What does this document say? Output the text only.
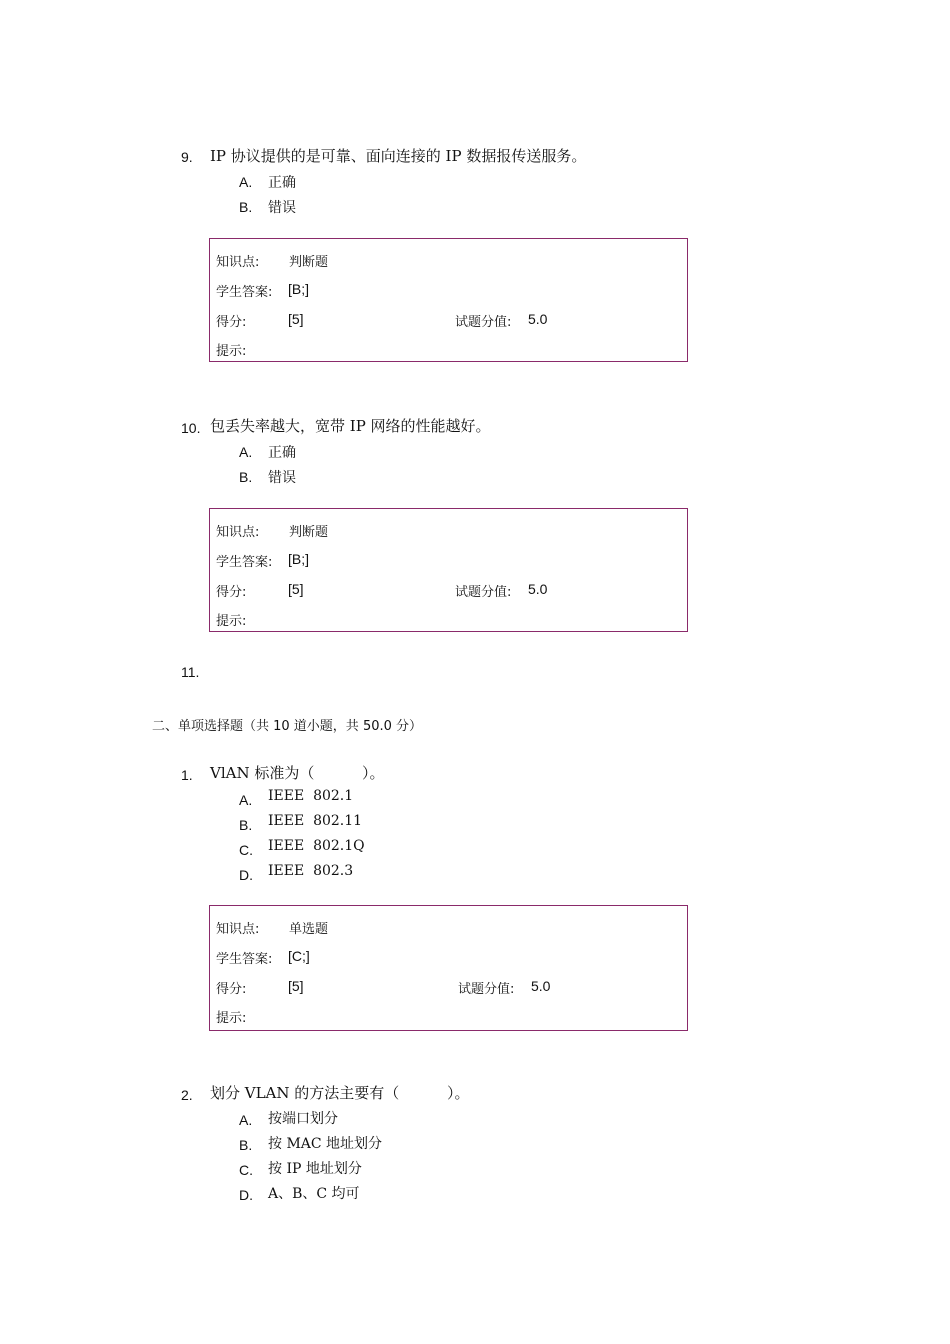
9. IP 协议提供的是可靠、面向连接的 IP 数据报传送服务。
A. 正确
B. 错误
知识点: 判断题
学生答案: [B;]
得分:	[5]	试题分值: 5.0
提示:
10. 包丢失率越大，宽带 IP 网络的性能越好。
A. 正确
B. 错误
知识点: 判断题
学生答案: [B;]
得分:	[5]	试题分值: 5.0
提示:
11.
二、单项选择题（共 10 道小题，共 50.0 分）
1. VlAN 标准为（          ）。
A. IEEE  802.1
B. IEEE  802.11
C. IEEE  802.1Q
D. IEEE  802.3
知识点: 单选题
学生答案: [C;]
得分:	[5]	试题分值: 5.0
提示:
2. 划分 VLAN 的方法主要有（          ）。
A. 按端口划分
B. 按 MAC 地址划分
C. 按 IP 地址划分
D. A、B、C 均可
